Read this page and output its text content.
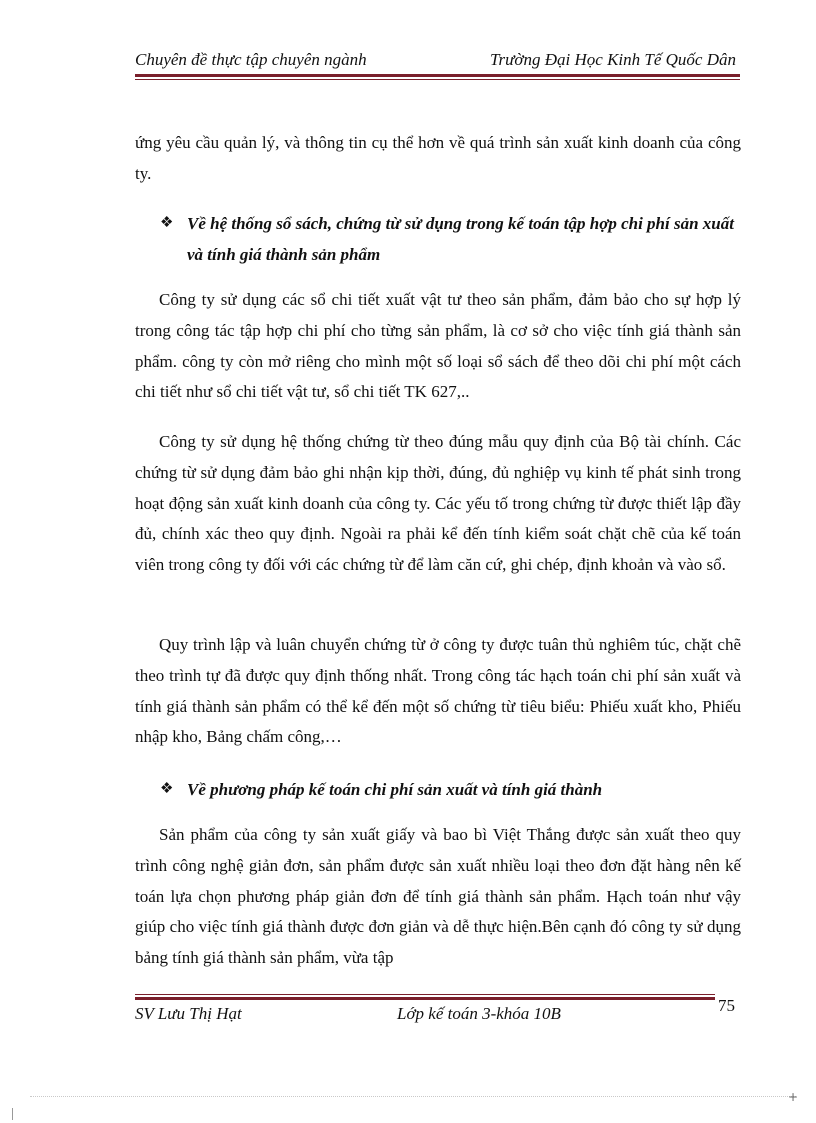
Chuyên đề thực tập chuyên ngành	Trường Đại Học Kinh Tế Quốc Dân

ứng yêu cầu quản lý, và thông tin cụ thể hơn về quá trình sản xuất kinh doanh của công ty.

❖ Về hệ thống sổ sách, chứng từ sử dụng trong kế toán tập hợp chi phí sản xuất và tính giá thành sản phẩm

Công ty sử dụng các sổ chi tiết xuất vật tư theo sản phẩm, đảm bảo cho sự hợp lý trong công tác tập hợp chi phí cho từng sản phẩm, là cơ sở cho việc tính giá thành sản phẩm. công ty còn mở riêng cho mình một số loại sổ sách để theo dõi chi phí một cách chi tiết như sổ chi tiết vật tư, sổ chi tiết TK 627,..

Công ty sử dụng hệ thống chứng từ theo đúng mẫu quy định của Bộ tài chính. Các chứng từ sử dụng đảm bảo ghi nhận kịp thời, đúng, đủ nghiệp vụ kinh tế phát sinh trong hoạt động sản xuất kinh doanh của công ty. Các yếu tố trong chứng từ được thiết lập đầy đủ, chính xác theo quy định. Ngoài ra phải kể đến tính kiểm soát chặt chẽ của kế toán viên trong công ty đối với các chứng từ để làm căn cứ, ghi chép, định khoản và vào sổ.

Quy trình lập và luân chuyển chứng từ ở công ty được tuân thủ nghiêm túc, chặt chẽ theo trình tự đã được quy định thống nhất. Trong công tác hạch toán chi phí sản xuất và tính giá thành sản phẩm có thể kể đến một số chứng từ tiêu biểu: Phiếu xuất kho, Phiếu nhập kho, Bảng chấm công,…

❖ Về phương pháp kế toán chi phí sản xuất và tính giá thành

Sản phẩm của công ty sản xuất giấy và bao bì Việt Thắng được sản xuất theo quy trình công nghệ giản đơn, sản phẩm được sản xuất nhiều loại theo đơn đặt hàng nên kế toán lựa chọn phương pháp giản đơn để tính giá thành sản phẩm. Hạch toán như vậy giúp cho việc tính giá thành được đơn giản và dễ thực hiện.Bên cạnh đó công ty sử dụng bảng tính giá thành sản phẩm, vừa tập

75
SV Lưu Thị Hạt	Lớp kế toán 3-khóa 10B
+
